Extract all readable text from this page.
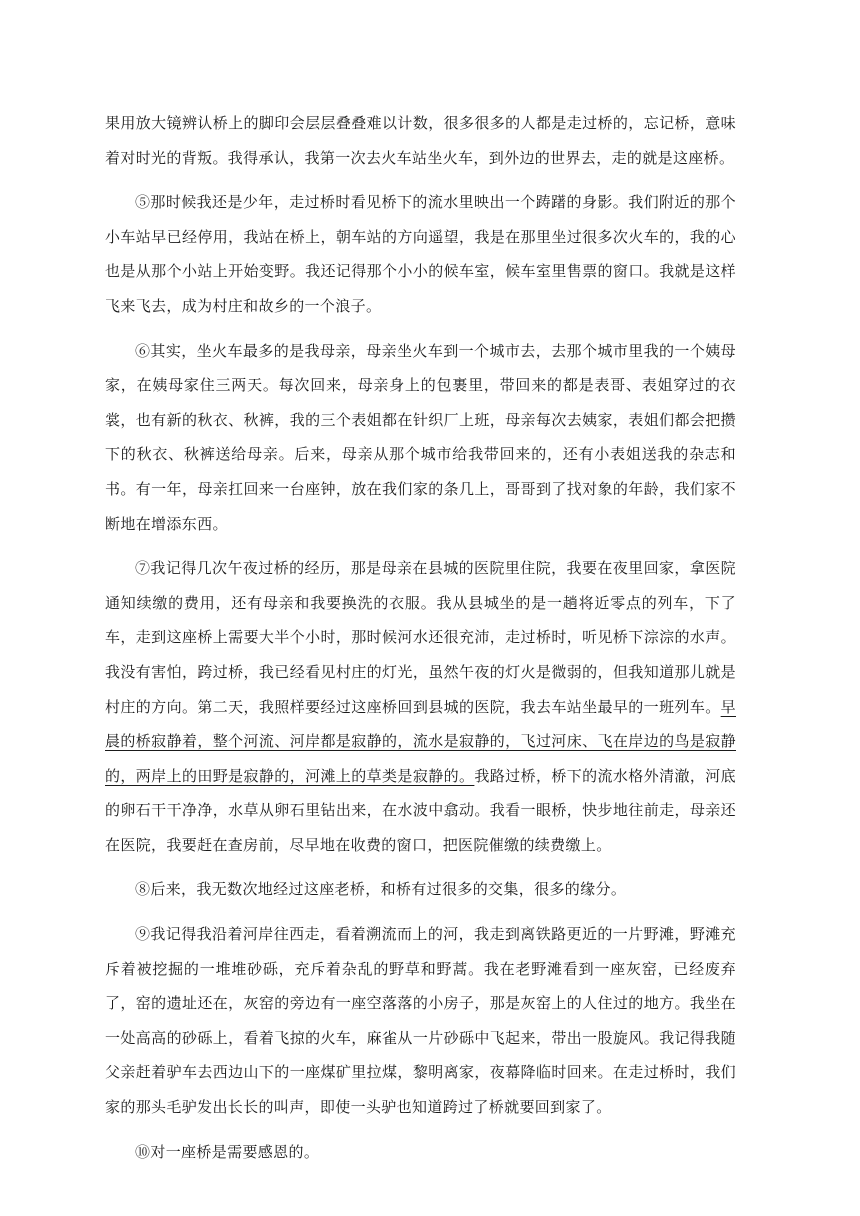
果用放大镜辨认桥上的脚印会层层叠叠难以计数，很多很多的人都是走过桥的，忘记桥，意味着对时光的背叛。我得承认，我第一次去火车站坐火车，到外边的世界去，走的就是这座桥。

⑤那时候我还是少年，走过桥时看见桥下的流水里映出一个踌躇的身影。我们附近的那个小车站早已经停用，我站在桥上，朝车站的方向遥望，我是在那里坐过很多次火车的，我的心也是从那个小站上开始变野。我还记得那个小小的候车室，候车室里售票的窗口。我就是这样飞来飞去，成为村庄和故乡的一个浪子。

⑥其实，坐火车最多的是我母亲，母亲坐火车到一个城市去，去那个城市里我的一个姨母家，在姨母家住三两天。每次回来，母亲身上的包裹里，带回来的都是表哥、表姐穿过的衣裳，也有新的秋衣、秋裤，我的三个表姐都在针织厂上班，母亲每次去姨家，表姐们都会把攒下的秋衣、秋裤送给母亲。后来，母亲从那个城市给我带回来的，还有小表姐送我的杂志和书。有一年，母亲扛回来一台座钟，放在我们家的条几上，哥哥到了找对象的年龄，我们家不断地在增添东西。

⑦我记得几次午夜过桥的经历，那是母亲在县城的医院里住院，我要在夜里回家，拿医院通知续缴的费用，还有母亲和我要换洗的衣服。我从县城坐的是一趟将近零点的列车，下了车，走到这座桥上需要大半个小时，那时候河水还很充沛，走过桥时，听见桥下淙淙的水声。我没有害怕，跨过桥，我已经看见村庄的灯光，虽然午夜的灯火是微弱的，但我知道那儿就是村庄的方向。第二天，我照样要经过这座桥回到县城的医院，我去车站坐最早的一班列车。早晨的桥寂静着，整个河流、河岸都是寂静的，流水是寂静的，飞过河床、飞在岸边的鸟是寂静的，两岸上的田野是寂静的，河滩上的草类是寂静的。我路过桥，桥下的流水格外清澈，河底的卵石干干净净，水草从卵石里钻出来，在水波中翕动。我看一眼桥，快步地往前走，母亲还在医院，我要赶在查房前，尽早地在收费的窗口，把医院催缴的续费缴上。

⑧后来，我无数次地经过这座老桥，和桥有过很多的交集，很多的缘分。

⑨我记得我沿着河岸往西走，看着溯流而上的河，我走到离铁路更近的一片野滩，野滩充斥着被挖掘的一堆堆砂砾，充斥着杂乱的野草和野蒿。我在老野滩看到一座灰窑，已经废弃了，窑的遗址还在，灰窑的旁边有一座空落落的小房子，那是灰窑上的人住过的地方。我坐在一处高高的砂砾上，看着飞掠的火车，麻雀从一片砂砾中飞起来，带出一股旋风。我记得我随父亲赶着驴车去西边山下的一座煤矿里拉煤，黎明离家，夜幕降临时回来。在走过桥时，我们家的那头毛驴发出长长的叫声，即使一头驴也知道跨过了桥就要回到家了。

⑩对一座桥是需要感恩的。
